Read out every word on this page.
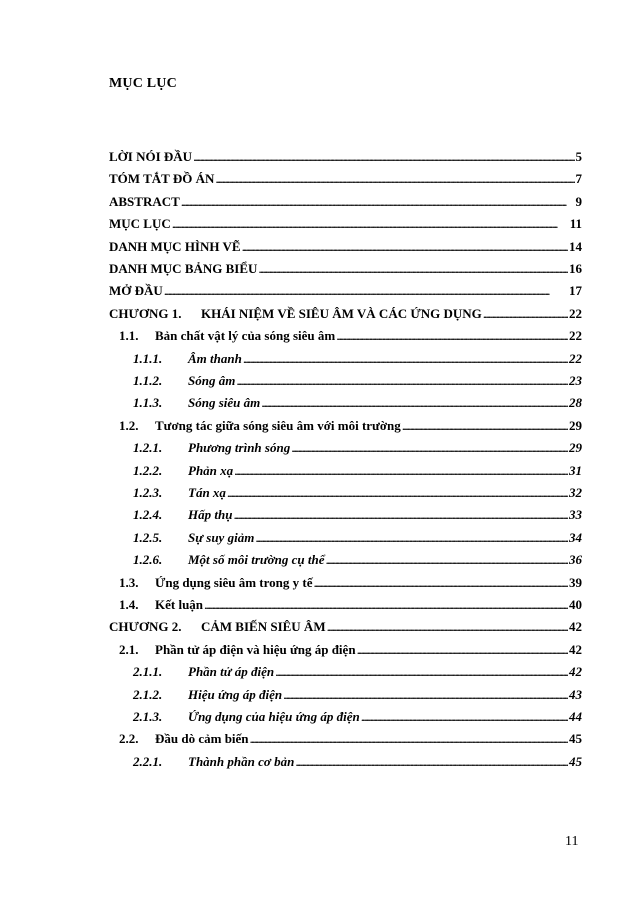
MỤC LỤC
LỜI NÓI ĐẦU . . .	5
TÓM TẮT ĐỒ ÁN . . .	7
ABSTRACT . . .	9
MỤC LỤC . . .	11
DANH MỤC HÌNH VẼ . . .	14
DANH MỤC BẢNG BIỂU . . .	16
MỞ ĐẦU . . .	17
CHƯƠNG 1.	KHÁI NIỆM VỀ SIÊU ÂM VÀ CÁC ỨNG DỤNG . . .	22
1.1.	Bản chất vật lý của sóng siêu âm . . .	22
1.1.1.	Âm thanh . . .	22
1.1.2.	Sóng âm . . .	23
1.1.3.	Sóng siêu âm . . .	28
1.2.	Tương tác giữa sóng siêu âm với môi trường . . .	29
1.2.1.	Phương trình sóng . . .	29
1.2.2.	Phản xạ . . .	31
1.2.3.	Tán xạ . . .	32
1.2.4.	Hấp thụ . . .	33
1.2.5.	Sự suy giảm . . .	34
1.2.6.	Một số môi trường cụ thể . . .	36
1.3.	Ứng dụng siêu âm trong y tế . . .	39
1.4.	Kết luận . . .	40
CHƯƠNG 2.	CẢM BIẾN SIÊU ÂM . . .	42
2.1.	Phần tử áp điện và hiệu ứng áp điện . . .	42
2.1.1.	Phần tử áp điện . . .	42
2.1.2.	Hiệu ứng áp điện . . .	43
2.1.3.	Ứng dụng của hiệu ứng áp điện . . .	44
2.2.	Đầu dò cảm biến . . .	45
2.2.1.	Thành phần cơ bản . . .	45
11
